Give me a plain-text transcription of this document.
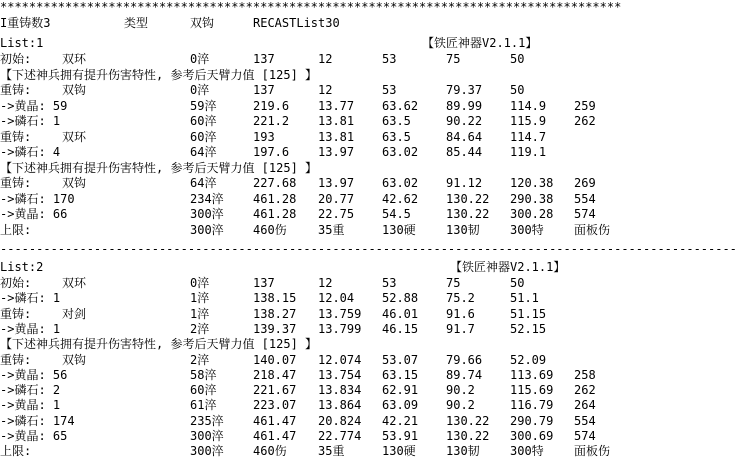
**************************************************************************************
I重铸数3	类型	双钩	RECASTList30
List:1	【铁匠神器V2.1.1】
初始:	双环	0淬	137	12	53	75	50
【下述神兵拥有提升伤害特性, 参考后天臂力值 [125] 】
重铸:	双钩	0淬	137	12	53	79.37 50
->黄晶: 59	59淬	219.6 13.77 63.62 89.99 114.9 259
->磷石: 1	60淬	221.2 13.81 63.5	90.22 115.9 262
重铸:	双环	60淬	193	13.81 63.5	84.64 114.7
->磷石: 4	64淬	197.6 13.97 63.02 85.44 119.1
【下述神兵拥有提升伤害特性, 参考后天臂力值 [125] 】
重铸:	双钩	64淬	227.68 13.97 63.02 91.12 120.38 269
->磷石: 170	234淬 461.28 20.77 42.62 130.22 290.38 554
->黄晶: 66	300淬 461.28 22.75 54.5	130.22 300.28 574
上限:	300淬 460伤	35重	130硬	130韧	300特	面板伤
------------------------------------------------------------------------------------------------------
List:2	【铁匠神器V2.1.1】
初始:	双环	0淬	137	12	53	75	50
->磷石: 1	1淬	138.15 12.04 52.88 75.2	51.1
重铸:	对剑	1淬	138.27 13.759 46.01 91.6	51.15
->黄晶: 1	2淬	139.37 13.799 46.15 91.7	52.15
【下述神兵拥有提升伤害特性, 参考后天臂力值 [125] 】
重铸:	双钩	2淬	140.07 12.074 53.07 79.66 52.09
->黄晶: 56	58淬	218.47 13.754 63.15 89.74 113.69 258
->磷石: 2	60淬	221.67 13.834 62.91 90.2	115.69 262
->黄晶: 1	61淬	223.07 13.864 63.09 90.2	116.79 264
->磷石: 174	235淬 461.47 20.824 42.21 130.22 290.79 554
->黄晶: 65	300淬 461.47 22.774 53.91 130.22 300.69 574
上限:	300淬 460伤	35重	130硬	130韧	300特	面板伤
